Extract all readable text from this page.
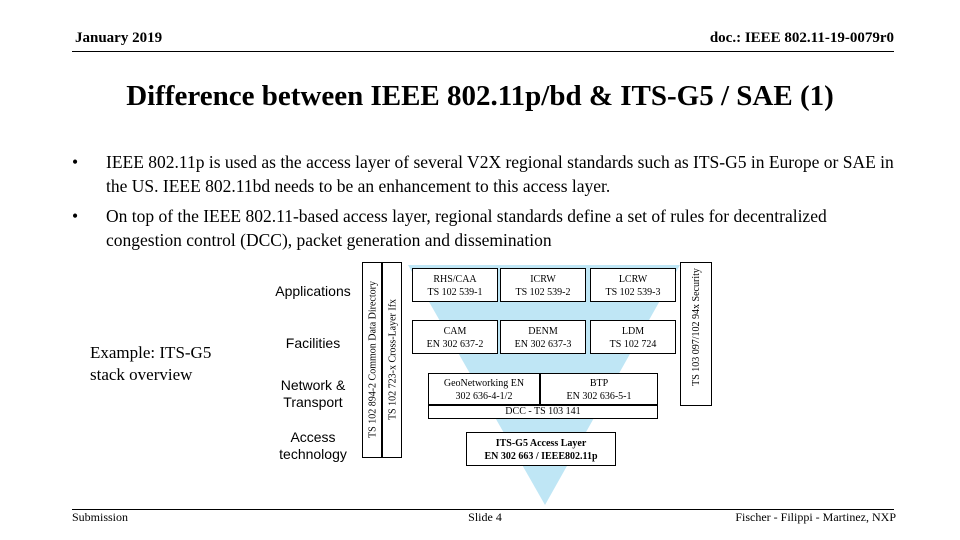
January 2019	doc.: IEEE 802.11-19-0079r0
Difference between IEEE 802.11p/bd & ITS-G5 / SAE (1)
• IEEE 802.11p is used as the access layer of several V2X regional standards such as ITS-G5 in Europe or SAE in the US. IEEE 802.11bd needs to be an enhancement to this access layer.
• On top of the IEEE 802.11-based access layer, regional standards define a set of rules for decentralized congestion control (DCC), packet generation and dissemination
Example: ITS-G5 stack overview
Applications
Facilities
Network & Transport
Access technology
TS 102 894-2 Common Data Directory TS 102 723-x Cross-Layer Ifx	TS 103 097/102 94x Security
RHS/CAA
TS 102 539-1
ICRW
TS 102 539-2
LCRW
TS 102 539-3
CAM
EN 302 637-2
DENM
EN 302 637-3
LDM
TS 102 724
GeoNetworking EN
302 636-4-1/2
BTP
EN 302 636-5-1
DCC - TS 103 141
ITS-G5 Access Layer
EN 302 663 / IEEE802.11p
Submission	Slide 4	Fischer - Filippi - Martinez, NXP
